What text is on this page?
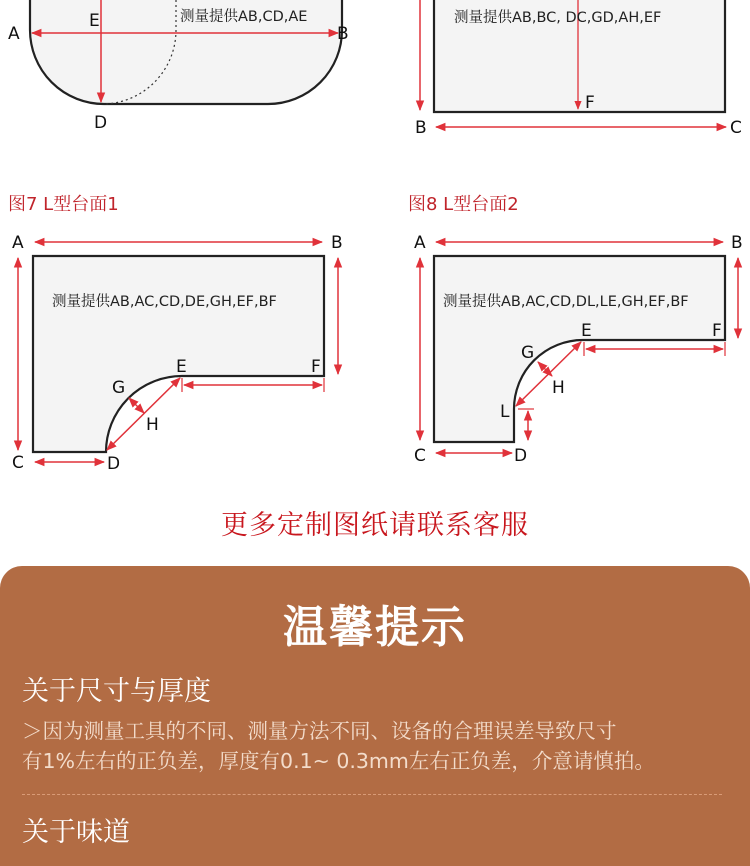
A
E
B
D
测量提供AB,CD,AE
F
B	C
测量提供AB,BC, DC,GD,AH,EF
图7 L型台面1
A	B
E	F
G
H
C	D
测量提供AB,AC,CD,DE,GH,EF,BF
图8 L型台面2
A	B
E	F
G
H
L
C	D
测量提供AB,AC,CD,DL,LE,GH,EF,BF
更多定制图纸请联系客服
温馨提示
关于尺寸与厚度
＞因为测量工具的不同、测量方法不同、设备的合理误差导致尺寸
有1%左右的正负差，厚度有0.1~ 0.3mm左右正负差，介意请慎拍。
关于味道
